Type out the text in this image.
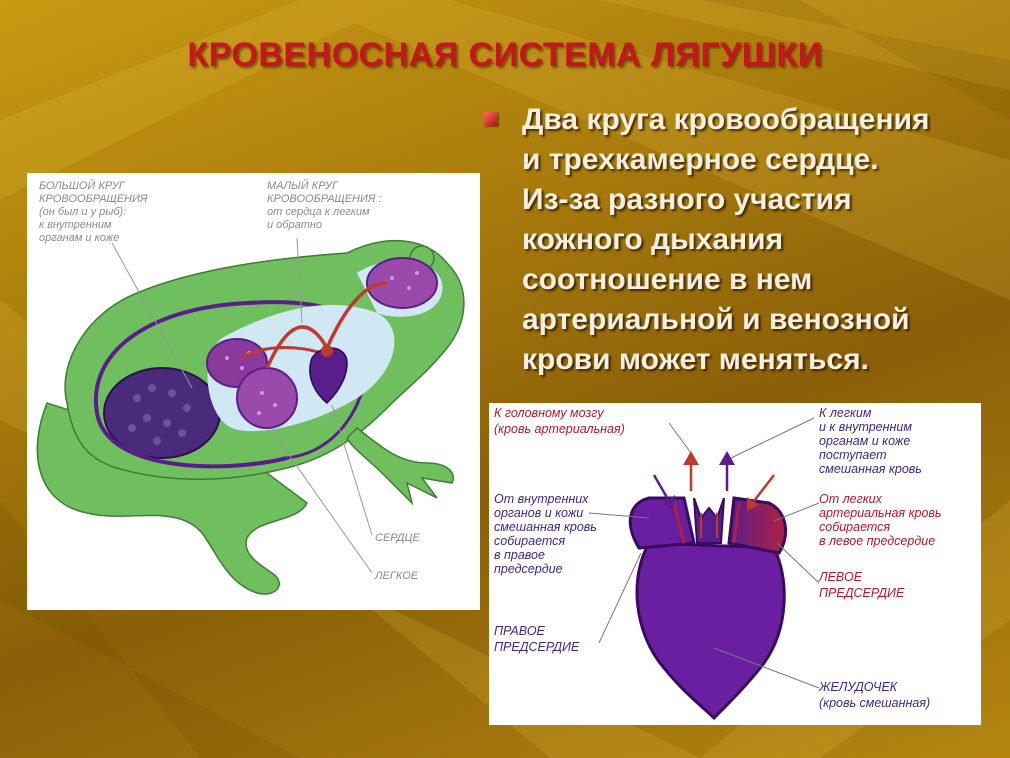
КРОВЕНОСНАЯ СИСТЕМА ЛЯГУШКИ
Два круга кровообращения
и трехкамерное сердце.
Из-за разного участия
кожного дыхания
соотношение в нем
артериальной и венозной
крови может меняться.
БОЛЬШОЙ КРУГ
КРОВООБРАЩЕНИЯ
(он был и у рыб):
к внутренним
органам и коже
МАЛЫЙ КРУГ
КРОВООБРАЩЕНИЯ :
от сердца к легким
и обратно
СЕРДЦЕ
ЛЕГКОЕ
К головному мозгу
(кровь артериальная)
К легким
и к внутренним
органам и коже
поступает
смешанная кровь
От внутренних
органов и кожи
смешанная кровь
собирается
в правое
предсердие
От легких
артериальная кровь
собирается
в левое предсердие
ЛЕВОЕ
ПРЕДСЕРДИЕ
ПРАВОЕ
ПРЕДСЕРДИЕ
ЖЕЛУДОЧЕК
(кровь смешанная)
